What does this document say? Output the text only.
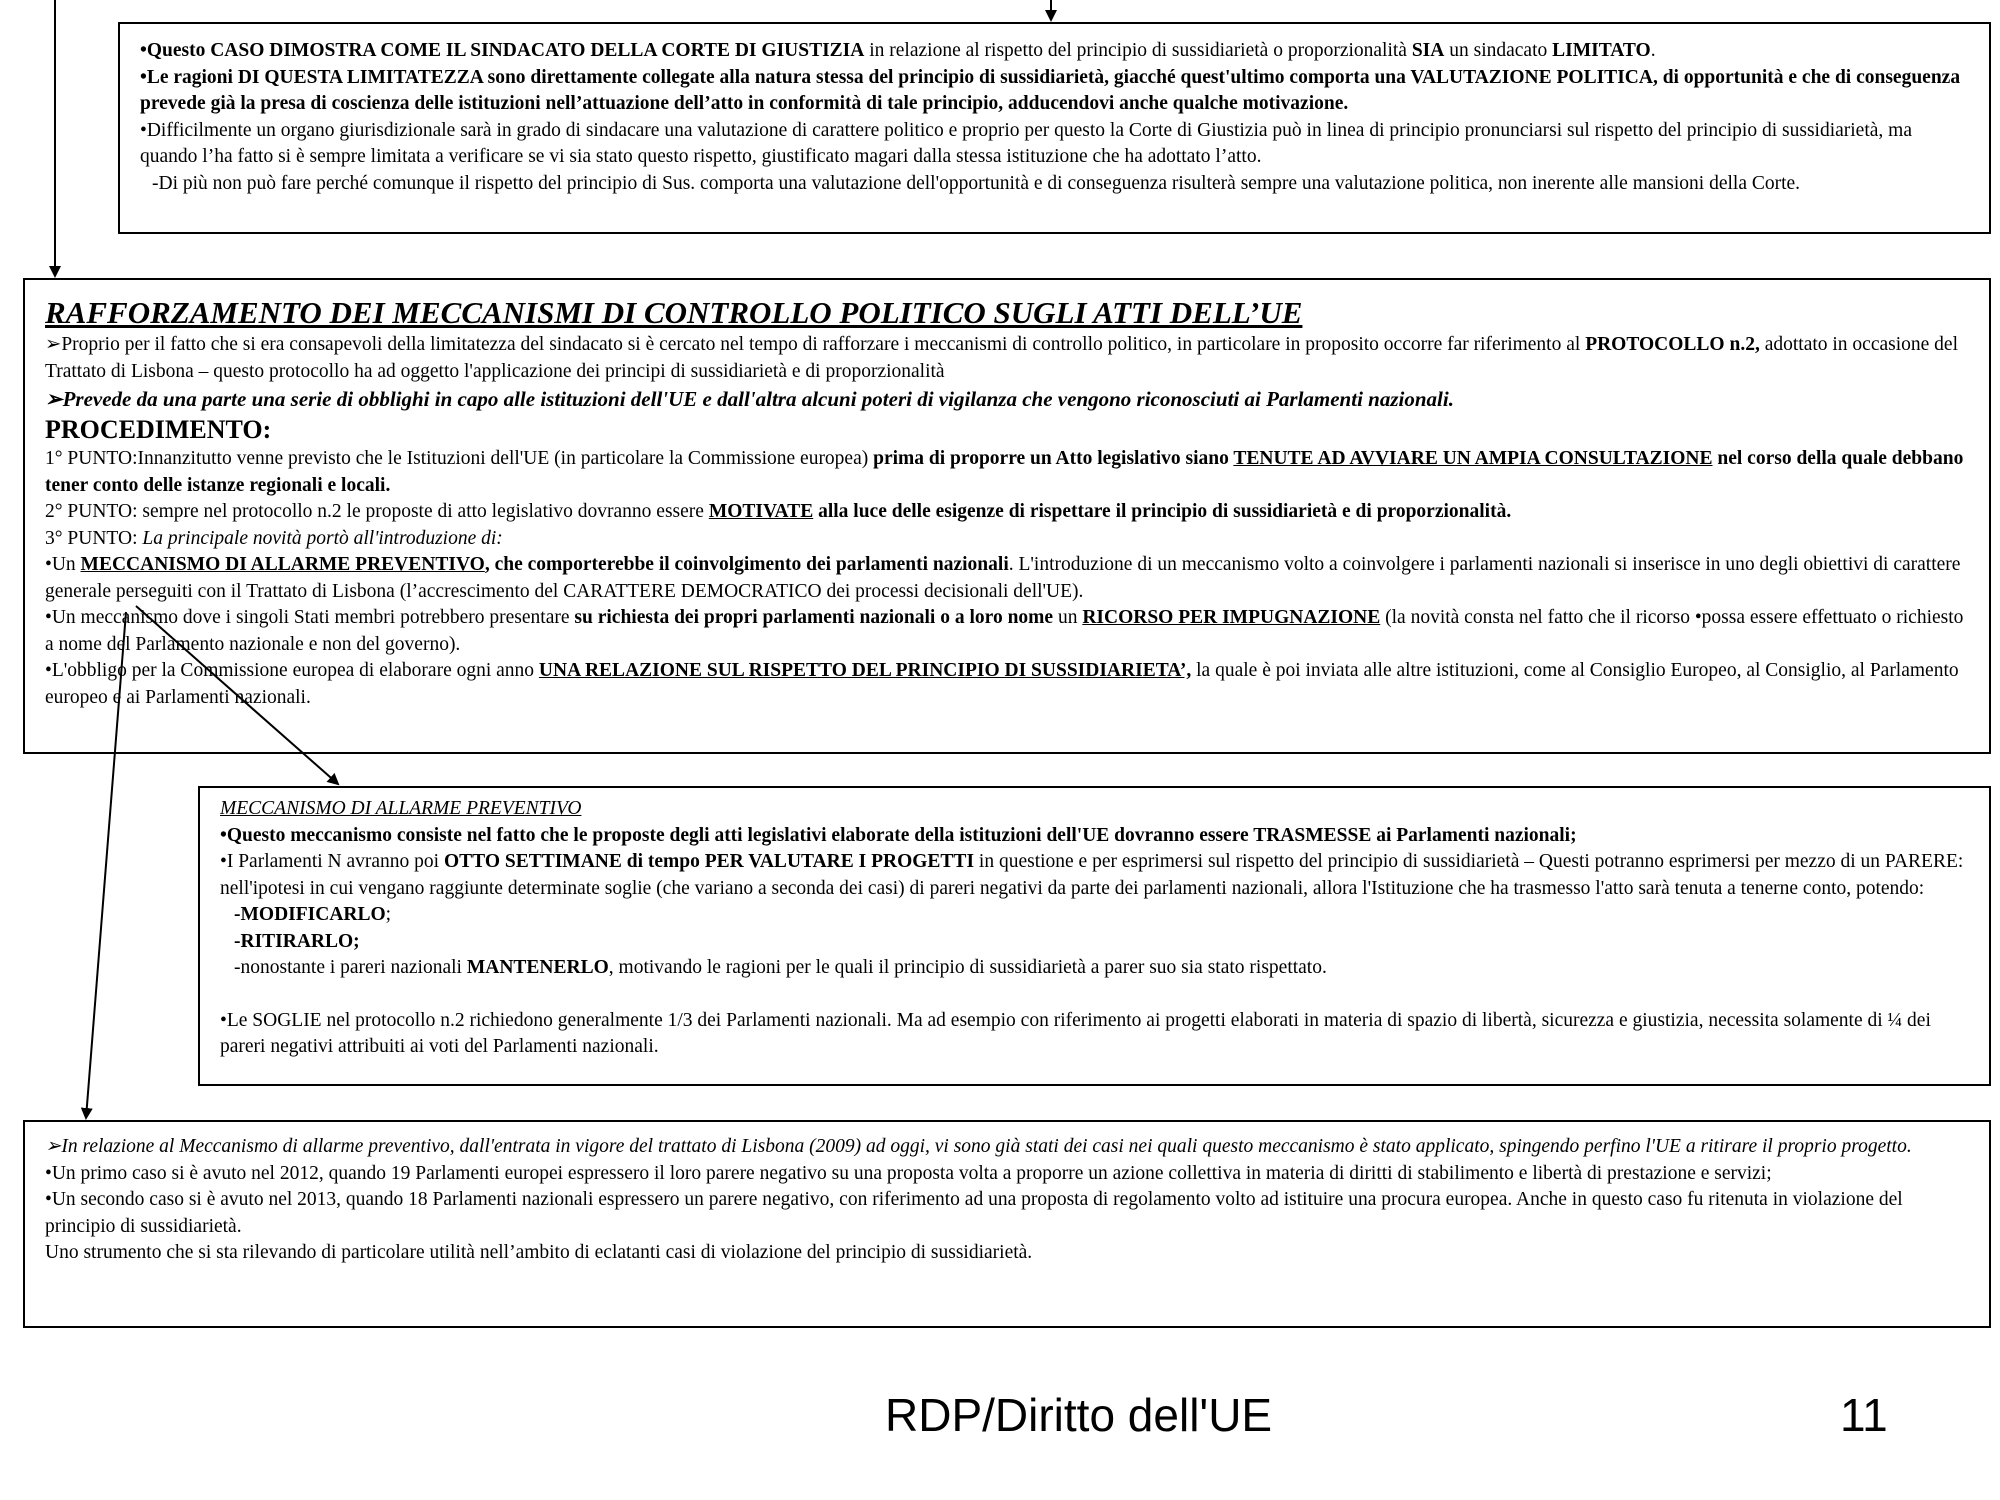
•Questo CASO DIMOSTRA COME IL SINDACATO DELLA CORTE DI GIUSTIZIA in relazione al rispetto del principio di sussidiarietà o proporzionalità SIA un sindacato LIMITATO.

•Le ragioni DI QUESTA LIMITATEZZA sono direttamente collegate alla natura stessa del principio di sussidiarietà, giacché quest'ultimo comporta una VALUTAZIONE POLITICA, di opportunità e che di conseguenza prevede già la presa di coscienza delle istituzioni nell’attuazione dell’atto in conformità di tale principio, adducendovi anche qualche motivazione.

•Difficilmente un organo giurisdizionale sarà in grado di sindacare una valutazione di carattere politico e proprio per questo la Corte di Giustizia può in linea di principio pronunciarsi sul rispetto del principio di sussidiarietà, ma quando l’ha fatto si è sempre limitata a verificare se vi sia stato questo rispetto, giustificato magari dalla stessa istituzione che ha adottato l’atto.

-Di più non può fare perché comunque il rispetto del principio di Sus. comporta una valutazione dell'opportunità e di conseguenza risulterà sempre una valutazione politica, non inerente alle mansioni della Corte.

RAFFORZAMENTO DEI MECCANISMI DI CONTROLLO POLITICO SUGLI ATTI DELL’UE

➢Proprio per il fatto che si era consapevoli della limitatezza del sindacato si è cercato nel tempo di rafforzare i meccanismi di controllo politico, in particolare in proposito occorre far riferimento al PROTOCOLLO n.2, adottato in occasione del Trattato di Lisbona – questo protocollo ha ad oggetto l'applicazione dei principi di sussidiarietà e di proporzionalità

➢Prevede da una parte una serie di obblighi in capo alle istituzioni dell'UE e dall'altra alcuni poteri di vigilanza che vengono riconosciuti ai Parlamenti nazionali.

PROCEDIMENTO:

1° PUNTO:Innanzitutto venne previsto che le Istituzioni dell'UE (in particolare la Commissione europea) prima di proporre un Atto legislativo siano TENUTE AD AVVIARE UN AMPIA CONSULTAZIONE nel corso della quale debbano tener conto delle istanze regionali e locali.

2° PUNTO: sempre nel protocollo n.2 le proposte di atto legislativo dovranno essere MOTIVATE alla luce delle esigenze di rispettare il principio di sussidiarietà e di proporzionalità.

3° PUNTO: La principale novità portò all'introduzione di:

•Un MECCANISMO DI ALLARME PREVENTIVO, che comporterebbe il coinvolgimento dei parlamenti nazionali. L'introduzione di un meccanismo volto a coinvolgere i parlamenti nazionali si inserisce in uno degli obiettivi di carattere generale perseguiti con il Trattato di Lisbona (l’accrescimento del CARATTERE DEMOCRATICO dei processi decisionali dell'UE).

•Un meccanismo dove i singoli Stati membri potrebbero presentare su richiesta dei propri parlamenti nazionali o a loro nome un RICORSO PER IMPUGNAZIONE (la novità consta nel fatto che il ricorso •possa essere effettuato o richiesto a nome del Parlamento nazionale e non del governo).

•L'obbligo per la Commissione europea di elaborare ogni anno UNA RELAZIONE SUL RISPETTO DEL PRINCIPIO DI SUSSIDIARIETA’, la quale è poi inviata alle altre istituzioni, come al Consiglio Europeo, al Consiglio, al Parlamento europeo e ai Parlamenti nazionali.

MECCANISMO DI ALLARME PREVENTIVO

•Questo meccanismo consiste nel fatto che le proposte degli atti legislativi elaborate della istituzioni dell'UE dovranno essere TRASMESSE ai Parlamenti nazionali;

•I Parlamenti N avranno poi OTTO SETTIMANE di tempo PER VALUTARE I PROGETTI in questione e per esprimersi sul rispetto del principio di sussidiarietà – Questi potranno esprimersi per mezzo di un PARERE: nell'ipotesi in cui vengano raggiunte determinate soglie (che variano a seconda dei casi) di pareri negativi da parte dei parlamenti nazionali, allora l'Istituzione che ha trasmesso l'atto sarà tenuta a tenerne conto, potendo:

-MODIFICARLO;

-RITIRARLO;

-nonostante i pareri nazionali MANTENERLO, motivando le ragioni per le quali il principio di sussidiarietà a parer suo sia stato rispettato.

•Le SOGLIE nel protocollo n.2 richiedono generalmente 1/3 dei Parlamenti nazionali. Ma ad esempio con riferimento ai progetti elaborati in materia di spazio di libertà, sicurezza e giustizia, necessita solamente di ¼ dei pareri negativi attribuiti ai voti del Parlamenti nazionali.

➢In relazione al Meccanismo di allarme preventivo, dall'entrata in vigore del trattato di Lisbona (2009) ad oggi, vi sono già stati dei casi nei quali questo meccanismo è stato applicato, spingendo perfino l'UE a ritirare il proprio progetto.

•Un primo caso si è avuto nel 2012, quando 19 Parlamenti europei espressero il loro parere negativo su una proposta volta a proporre un azione collettiva in materia di diritti di stabilimento e libertà di prestazione e servizi;

•Un secondo caso si è avuto nel 2013, quando 18 Parlamenti nazionali espressero un parere negativo, con riferimento ad una proposta di regolamento volto ad istituire una procura europea. Anche in questo caso fu ritenuta in violazione del principio di sussidiarietà.

Uno strumento che si sta rilevando di particolare utilità nell’ambito di eclatanti casi di violazione del principio di sussidiarietà.

RDP/Diritto dell'UE	11
